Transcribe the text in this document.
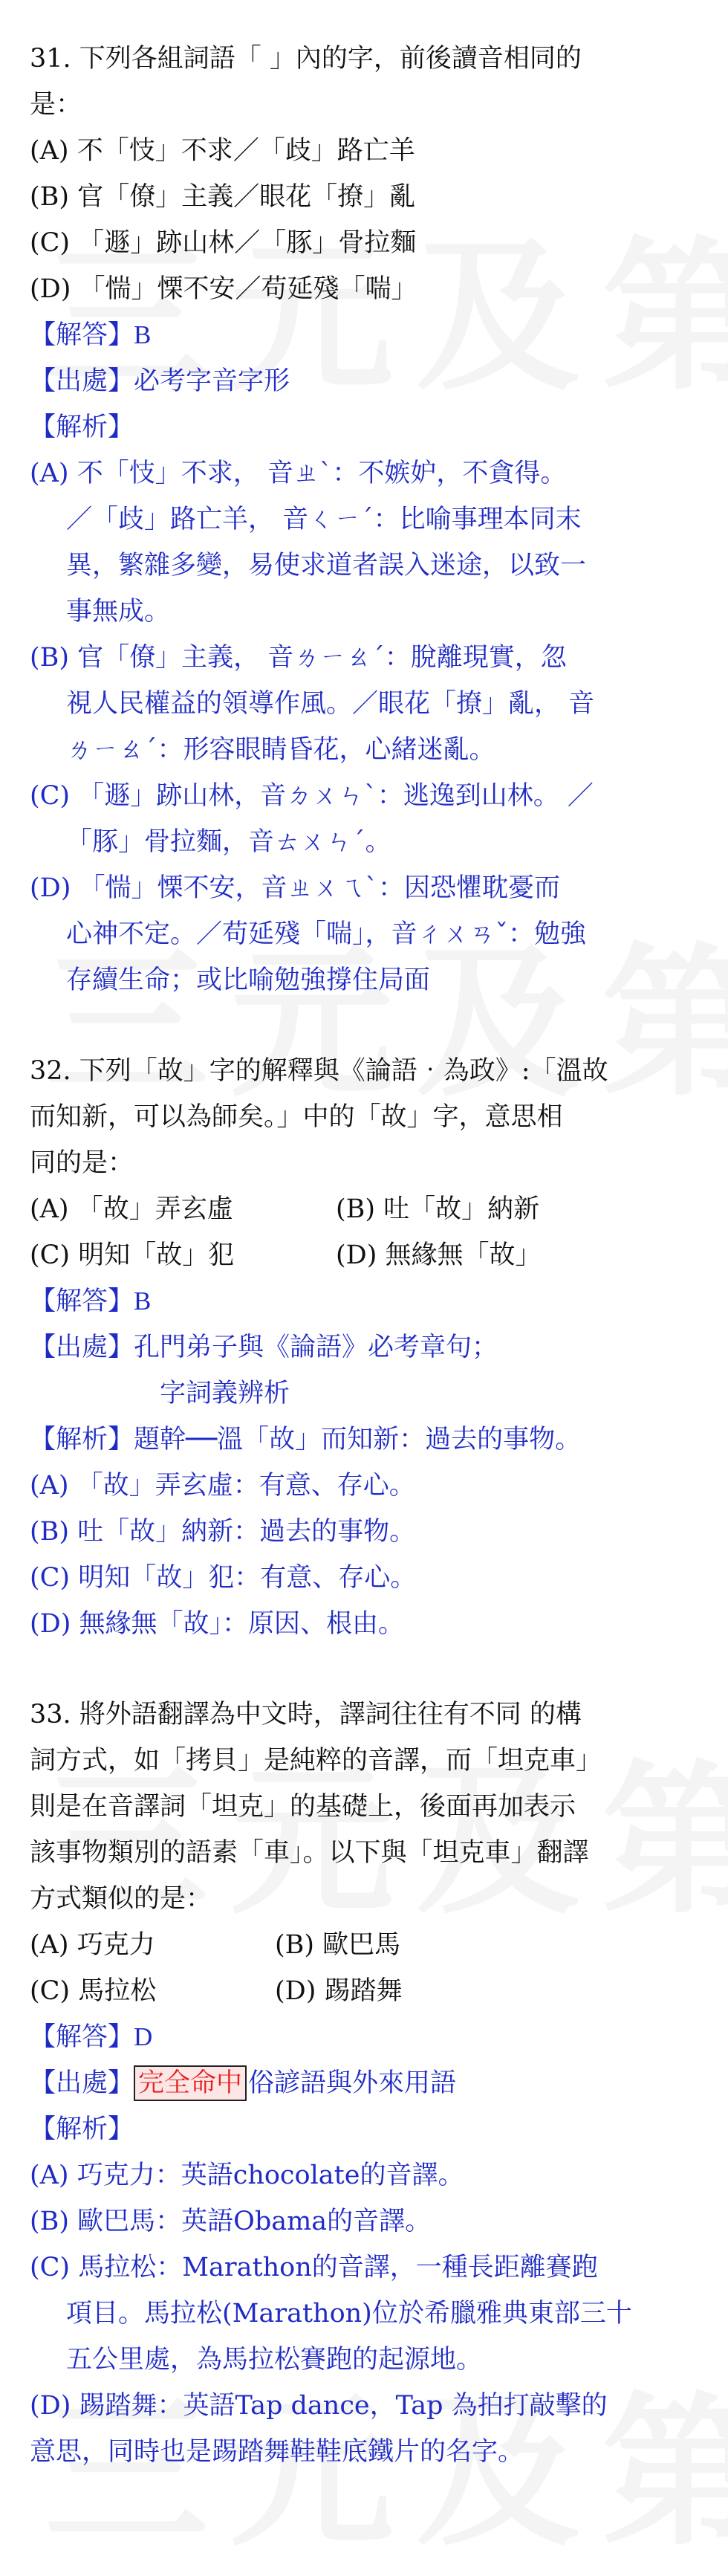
31. 下列各組詞語「 」內的字，前後讀音相同的
是：
(A) 不「忮」不求／「歧」路亡羊
(B) 官「僚」主義／眼花「撩」亂
(C) 「遯」跡山林／「豚」骨拉麵
(D) 「惴」慄不安／苟延殘「喘」
【解答】B
【出處】必考字音字形
【解析】
(A) 不「忮」不求， 音ㄓˋ：不嫉妒，不貪得。
／「歧」路亡羊， 音ㄑㄧˊ：比喻事理本同末
異，繁雜多變，易使求道者誤入迷途，以致一
事無成。
(B) 官「僚」主義， 音ㄌㄧㄠˊ：脫離現實，忽
視人民權益的領導作風。／眼花「撩」亂， 音
ㄌㄧㄠˊ：形容眼睛昏花，心緒迷亂。
(C) 「遯」跡山林，音ㄉㄨㄣˋ：逃逸到山林。 ／
「豚」骨拉麵，音ㄊㄨㄣˊ。
(D) 「惴」慄不安，音ㄓㄨㄟˋ：因恐懼耽憂而
心神不定。／苟延殘「喘」，音ㄔㄨㄢˇ：勉強
存續生命；或比喻勉強撐住局面
32. 下列「故」字的解釋與《論語‧為政》:「溫故
而知新，可以為師矣。」中的「故」字，意思相
同的是：
(A) 「故」弄玄虛	(B) 吐「故」納新
(C) 明知「故」犯	(D) 無緣無「故」
【解答】B
【出處】孔門弟子與《論語》必考章句；
字詞義辨析
【解析】題幹──溫「故」而知新：過去的事物。
(A) 「故」弄玄虛：有意、存心。
(B) 吐「故」納新：過去的事物。
(C) 明知「故」犯：有意、存心。
(D) 無緣無「故」：原因、根由。
33. 將外語翻譯為中文時，譯詞往往有不同 的構
詞方式，如「拷貝」是純粹的音譯，而「坦克車」
則是在音譯詞「坦克」的基礎上，後面再加表示
該事物類別的語素「車」。以下與「坦克車」翻譯
方式類似的是：
(A) 巧克力	(B) 歐巴馬
(C) 馬拉松	(D) 踢踏舞
【解答】D
【出處】 完全命中 俗諺語與外來用語
【解析】
(A) 巧克力：英語chocolate的音譯。
(B) 歐巴馬：英語Obama的音譯。
(C) 馬拉松：Marathon的音譯，一種長距離賽跑
項目。馬拉松(Marathon)位於希臘雅典東部三十
五公里處，為馬拉松賽跑的起源地。
(D) 踢踏舞：英語Tap dance，Tap 為拍打敲擊的
意思，同時也是踢踏舞鞋鞋底鐵片的名字。
